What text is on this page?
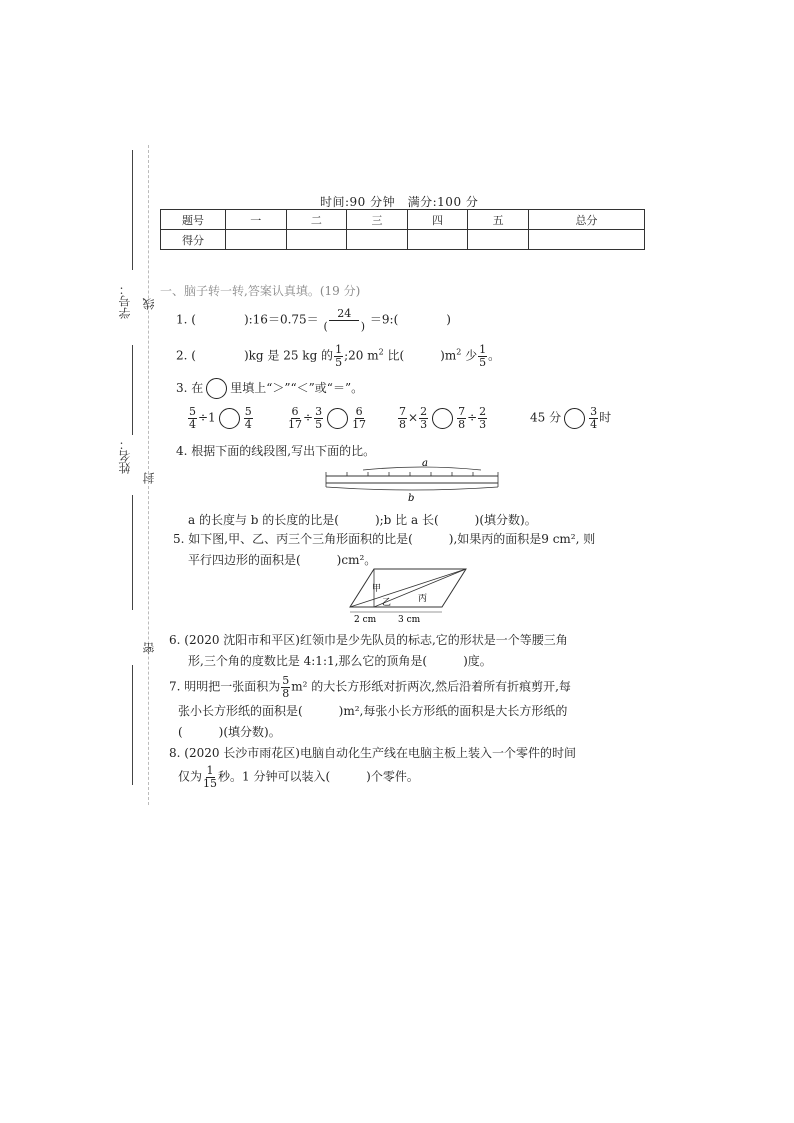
学号： 线
姓名：
封
密
时间:90 分钟　满分:100 分
题号	一	二	三	四	五	总分
得分						
一、脑子转一转,答案认真填。(19 分)
1. (　　　　):16＝0.75＝ $\frac{24}{( )}$ ＝9:(　　　　)
2. (　　　　)kg 是 25 kg 的 $\frac{1}{5}$ ;20 $m^2$ 比(　　　)$m^2$ 少 $\frac{1}{5}$ 。
3. 在 里填上“＞”“＜”或“＝”。
$\frac{5}{4} \div 1$	$\frac{5}{4}$	$\frac{6}{17} \div \frac{3}{5}$	$\frac{6}{17}$	$\frac{7}{8} \times \frac{2}{3}$	$\frac{7}{8} \div \frac{2}{3}$	45 分	$\frac{3}{4}$ 时
4. 根据下面的线段图,写出下面的比。
a
b
a 的长度与 b 的长度的比是(　　　);b 比 a 长(　　　)(填分数)。
5. 如下图,甲、乙、丙三个三角形面积的比是(　　　),如果丙的面积是9 cm², 则
平行四边形的面积是(　　　)cm²。
甲
乙	丙
2 cm 3 cm
6. (2020 沈阳市和平区)红领巾是少先队员的标志,它的形状是一个等腰三角
形,三个角的度数比是 4:1:1,那么它的顶角是(　　　)度。
7. 明明把一张面积为 $\frac{5}{8} m^2$ 的大长方形纸对折两次,然后沿着所有折痕剪开,每
张小长方形纸的面积是(　　　)m²,每张小长方形纸的面积是大长方形纸的
(　　　)(填分数)。
8. (2020 长沙市雨花区)电脑自动化生产线在电脑主板上装入一个零件的时间
仅为 $\frac{1}{15}$ 秒。1 分钟可以装入(　　　)个零件。
